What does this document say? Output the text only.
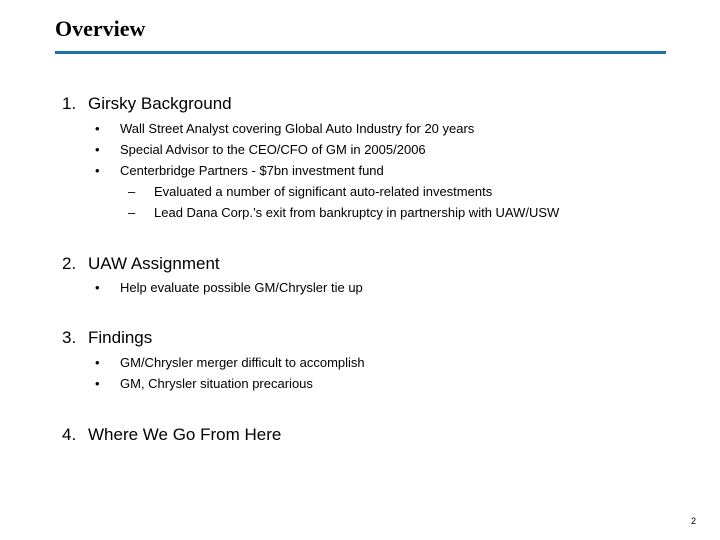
Overview
1. Girsky Background
• Wall Street Analyst covering Global Auto Industry for 20 years
• Special Advisor to the CEO/CFO of GM in 2005/2006
• Centerbridge Partners - $7bn investment fund
– Evaluated a number of significant auto-related investments
– Lead Dana Corp.’s exit from bankruptcy in partnership with UAW/USW
2. UAW Assignment
• Help evaluate possible GM/Chrysler tie up
3. Findings
• GM/Chrysler merger difficult to accomplish
• GM, Chrysler situation precarious
4. Where We Go From Here
2
